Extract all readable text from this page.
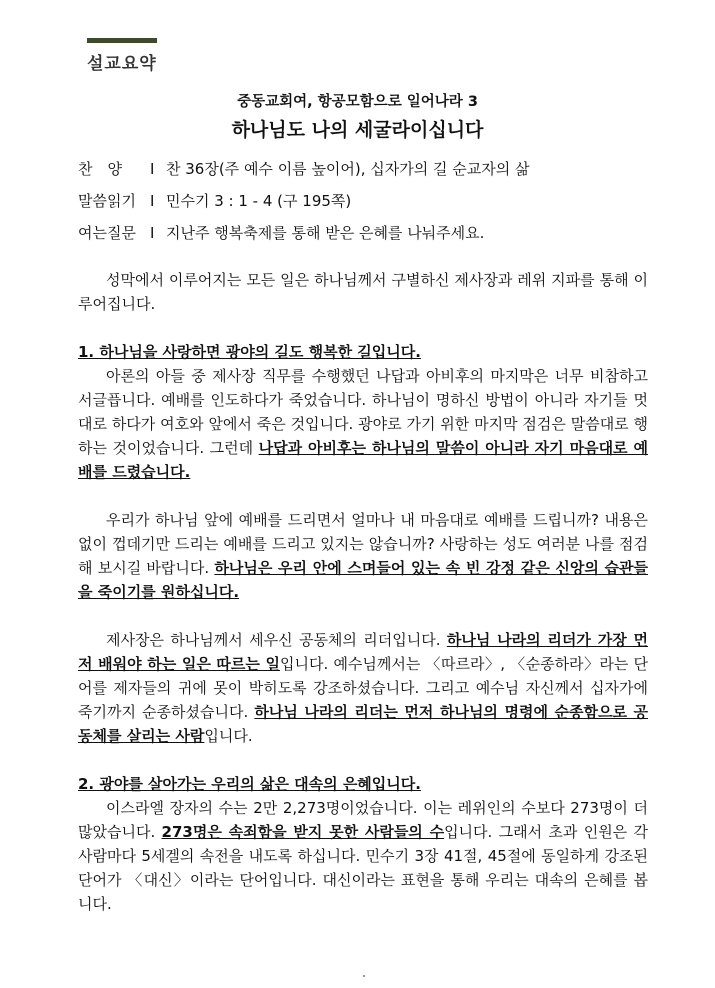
설교요약
중동교회여, 항공모함으로 일어나라 3
하나님도 나의 세굴라이십니다
찬　양 I 찬 36장(주 예수 이름 높이어), 십자가의 길 순교자의 삶
말씀읽기 I 민수기 3 : 1 - 4 (구 195쪽)
여는질문 I 지난주 행복축제를 통해 받은 은혜를 나눠주세요.

성막에서 이루어지는 모든 일은 하나님께서 구별하신 제사장과 레위 지파를 통해 이루어집니다.

1. 하나님을 사랑하면 광야의 길도 행복한 길입니다.

아론의 아들 중 제사장 직무를 수행했던 나답과 아비후의 마지막은 너무 비참하고 서글픕니다. 예배를 인도하다가 죽었습니다. 하나님이 명하신 방법이 아니라 자기들 멋대로 하다가 여호와 앞에서 죽은 것입니다. 광야로 가기 위한 마지막 점검은 말씀대로 행하는 것이었습니다. 그런데 나답과 아비후는 하나님의 말씀이 아니라 자기 마음대로 예배를 드렸습니다.

우리가 하나님 앞에 예배를 드리면서 얼마나 내 마음대로 예배를 드립니까? 내용은 없이 껍데기만 드리는 예배를 드리고 있지는 않습니까? 사랑하는 성도 여러분 나를 점검해 보시길 바랍니다. 하나님은 우리 안에 스며들어 있는 속 빈 강정 같은 신앙의 습관들을 죽이기를 원하십니다.

제사장은 하나님께서 세우신 공동체의 리더입니다. 하나님 나라의 리더가 가장 먼저 배워야 하는 일은 따르는 일입니다. 예수님께서는 〈따르라〉, 〈순종하라〉라는 단어를 제자들의 귀에 못이 박히도록 강조하셨습니다. 그리고 예수님 자신께서 십자가에 죽기까지 순종하셨습니다. 하나님 나라의 리더는 먼저 하나님의 명령에 순종함으로 공동체를 살리는 사람입니다.

2. 광야를 살아가는 우리의 삶은 대속의 은혜입니다.

이스라엘 장자의 수는 2만 2,273명이었습니다. 이는 레위인의 수보다 273명이 더 많았습니다. 273명은 속죄함을 받지 못한 사람들의 수입니다. 그래서 초과 인원은 각 사람마다 5세겔의 속전을 내도록 하십니다. 민수기 3장 41절, 45절에 동일하게 강조된 단어가 〈대신〉이라는 단어입니다. 대신이라는 표현을 통해 우리는 대속의 은혜를 봅니다.
